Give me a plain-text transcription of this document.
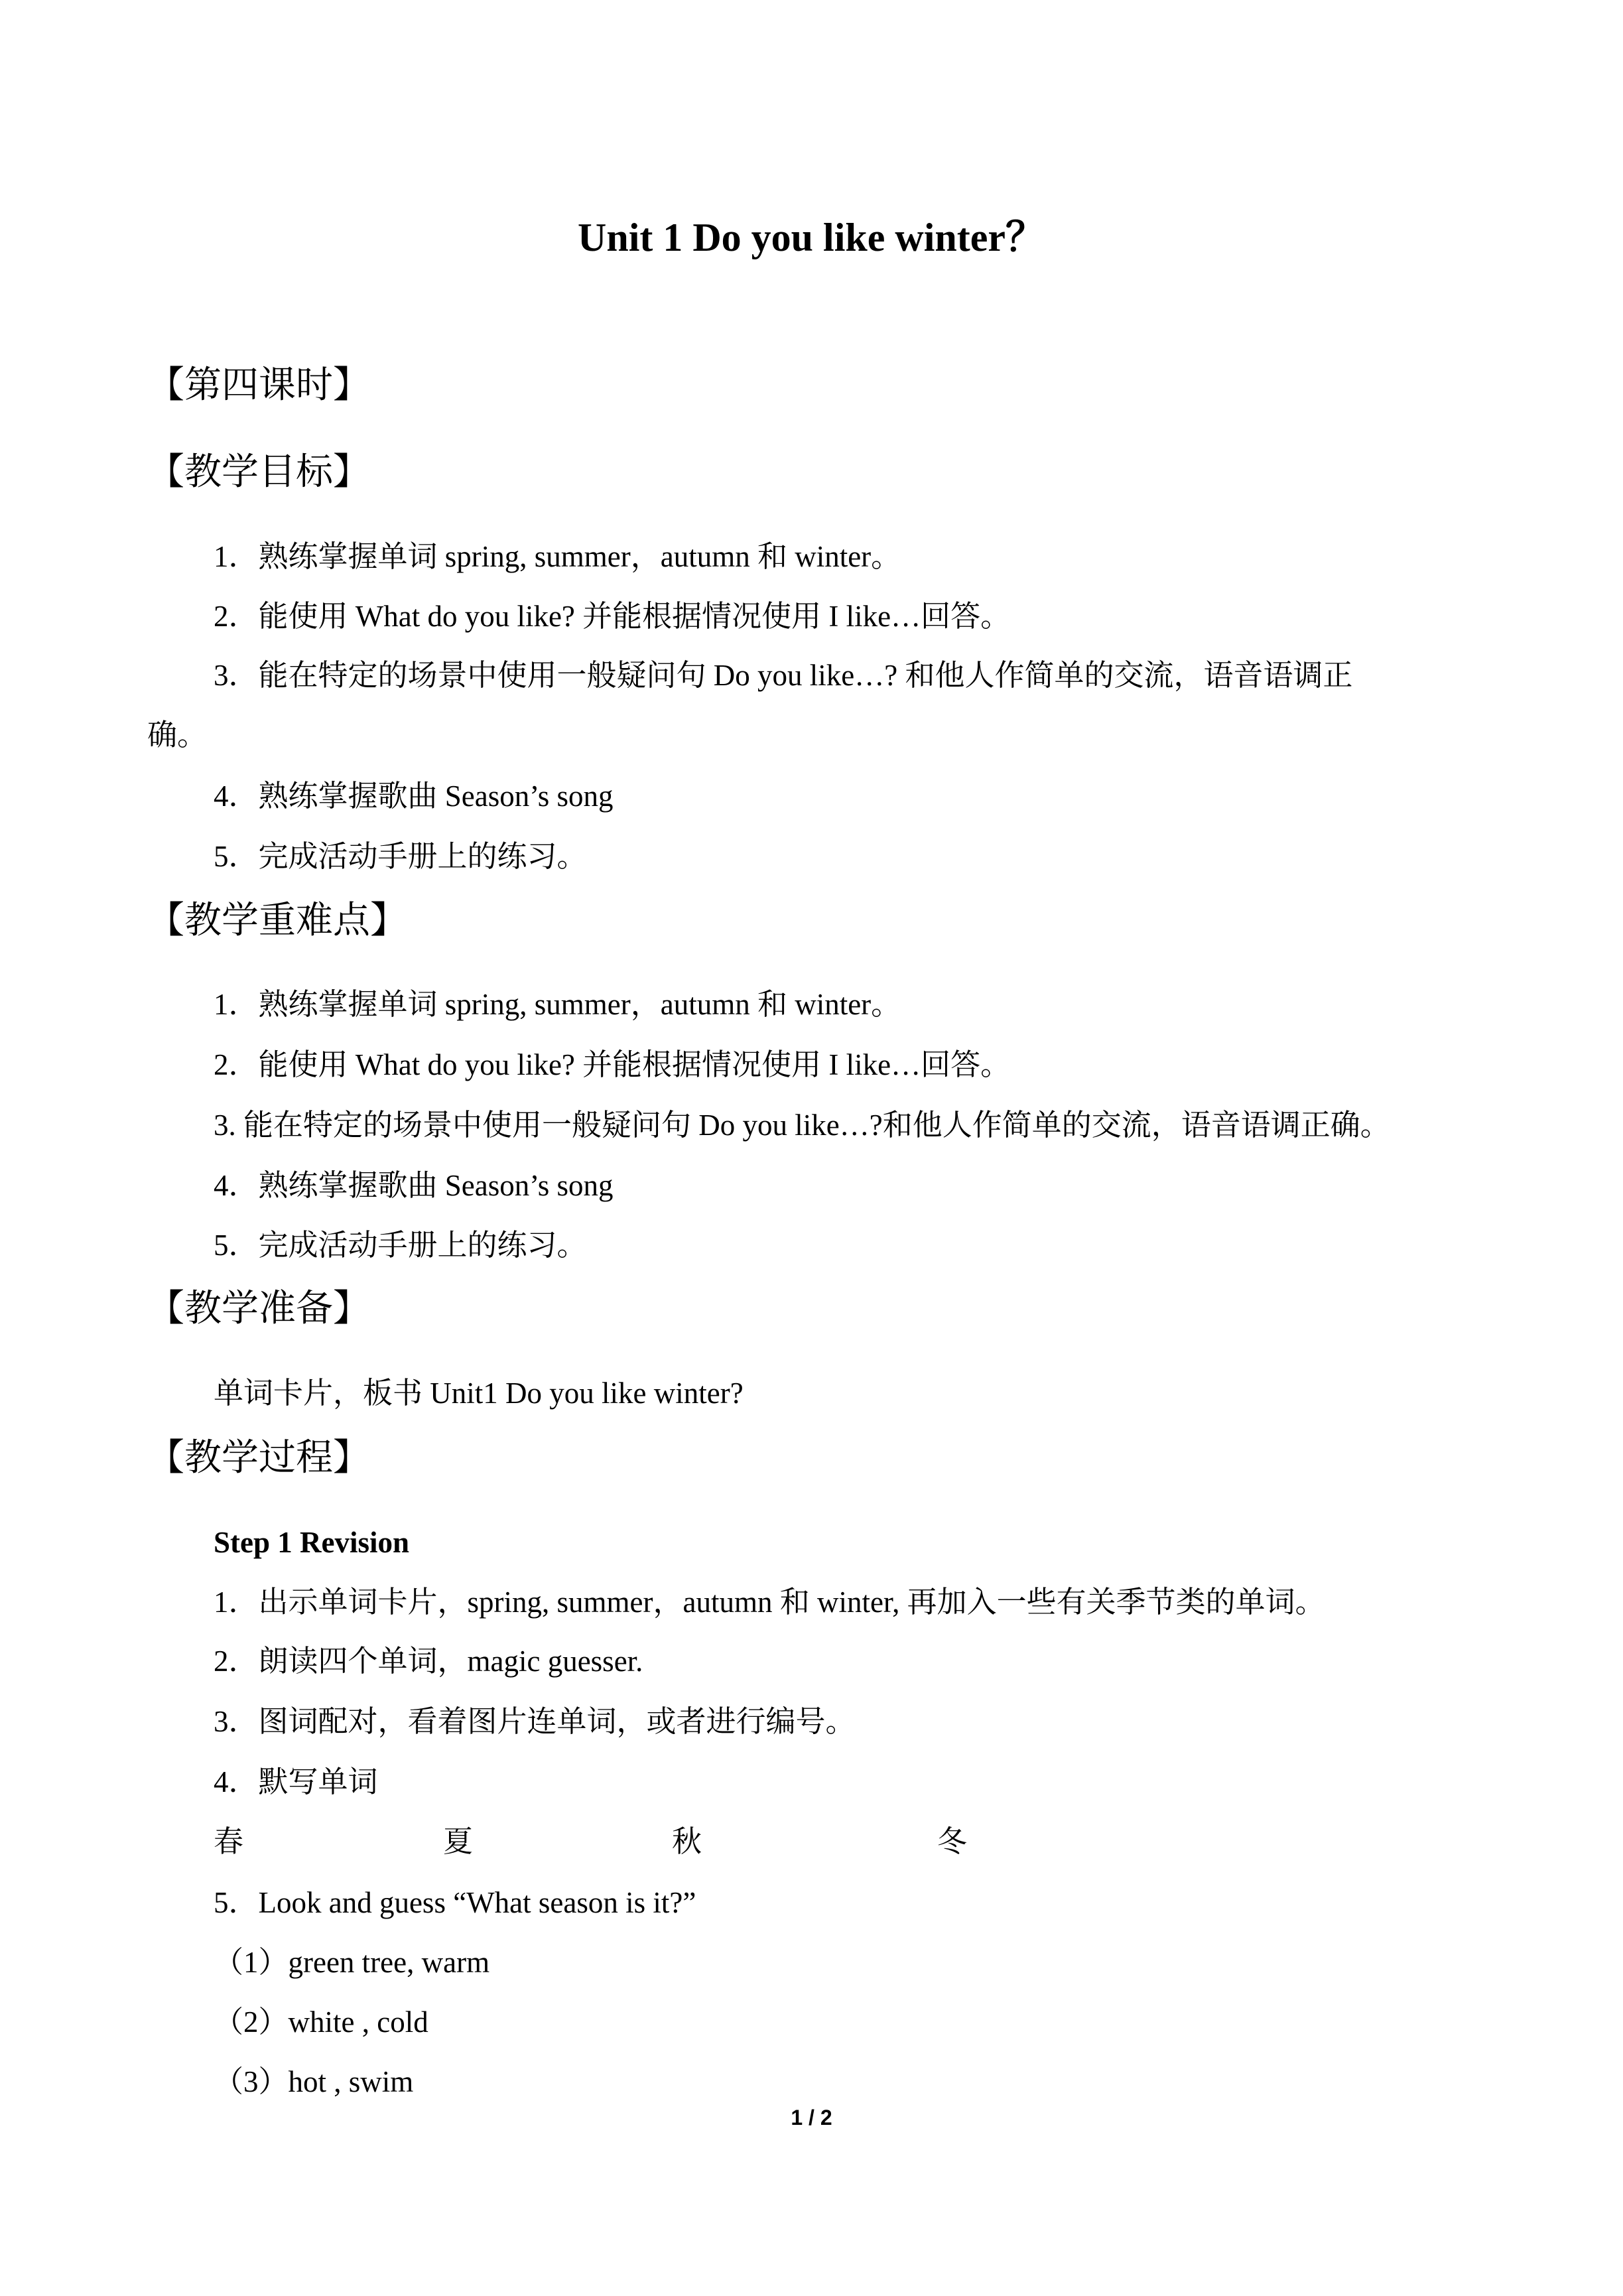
Unit 1 Do you like winter？
【第四课时】
【教学目标】
1．熟练掌握单词 spring, summer，autumn 和 winter。
2．能使用 What do you like? 并能根据情况使用 I like…回答。
3．能在特定的场景中使用一般疑问句 Do you like…? 和他人作简单的交流，语音语调正
确。
4．熟练掌握歌曲 Season’s song
5．完成活动手册上的练习。
【教学重难点】
1．熟练掌握单词 spring, summer，autumn 和 winter。
2．能使用 What do you like? 并能根据情况使用 I like…回答。
3. 能在特定的场景中使用一般疑问句 Do you like…?和他人作简单的交流，语音语调正确。
4．熟练掌握歌曲 Season’s song
5．完成活动手册上的练习。
【教学准备】
单词卡片，板书 Unit1 Do you like winter?
【教学过程】
Step 1 Revision
1．出示单词卡片，spring, summer，autumn 和 winter, 再加入一些有关季节类的单词。
2．朗读四个单词，magic guesser.
3．图词配对，看着图片连单词，或者进行编号。
4．默写单词
春	夏	秋	冬
5．Look and guess “What season is it?”
（1）green tree, warm
（2）white , cold
（3）hot , swim
1 / 2
